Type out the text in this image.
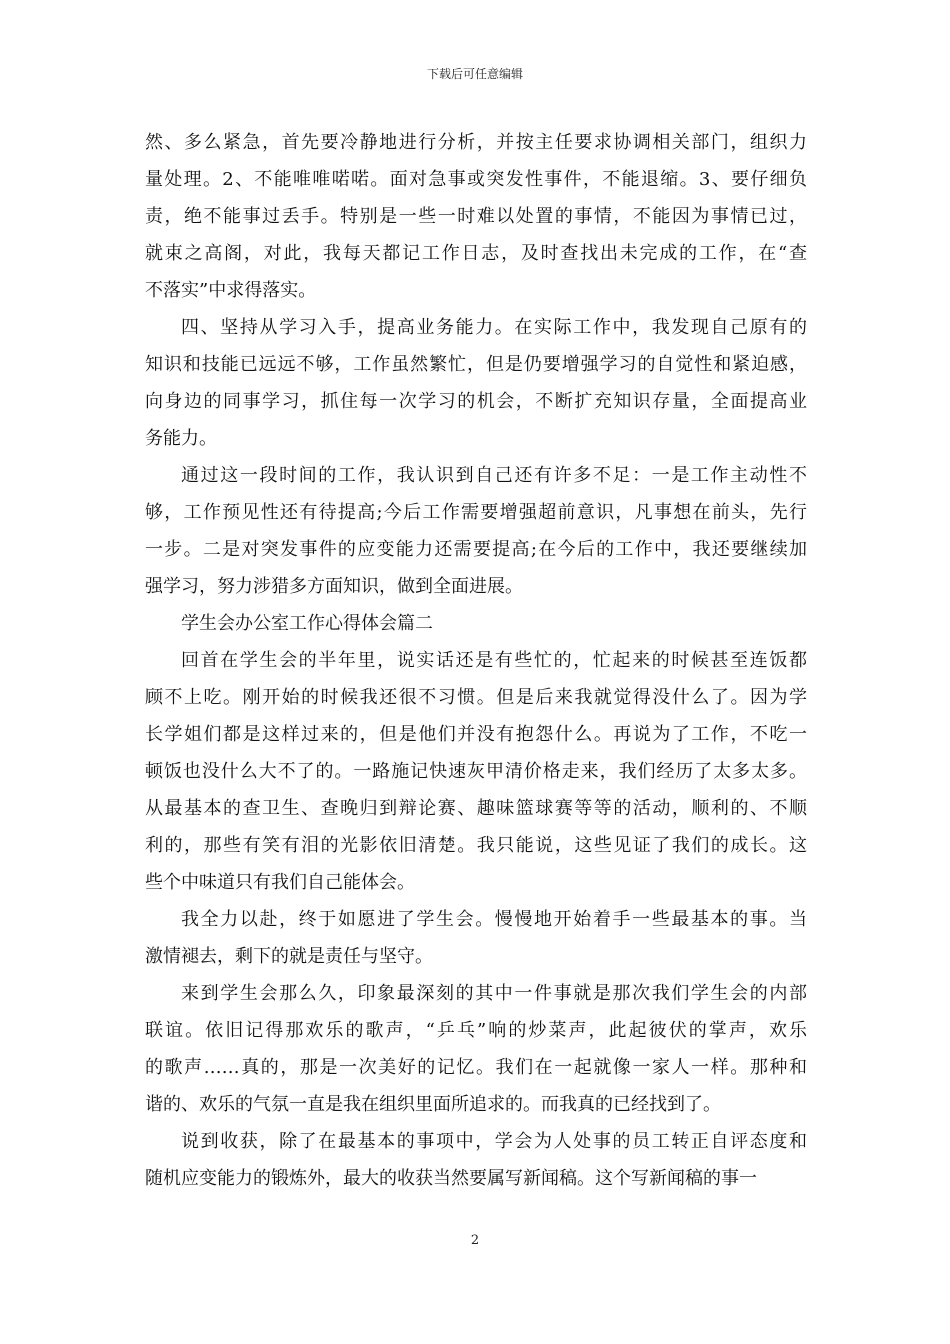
下载后可任意编辑
然、多么紧急，首先要冷静地进行分析，并按主任要求协调相关部门，组织力
量处理。2、不能唯唯喏喏。面对急事或突发性事件，不能退缩。3、要仔细负
责，绝不能事过丢手。特别是一些一时难以处置的事情，不能因为事情已过，
就束之高阁，对此，我每天都记工作日志，及时查找出未完成的工作，在“查
不落实”中求得落实。
四、坚持从学习入手，提高业务能力。在实际工作中，我发现自己原有的
知识和技能已远远不够，工作虽然繁忙，但是仍要增强学习的自觉性和紧迫感，
向身边的同事学习，抓住每一次学习的机会，不断扩充知识存量，全面提高业
务能力。
通过这一段时间的工作，我认识到自己还有许多不足：一是工作主动性不
够，工作预见性还有待提高;今后工作需要增强超前意识，凡事想在前头，先行
一步。二是对突发事件的应变能力还需要提高;在今后的工作中，我还要继续加
强学习，努力涉猎多方面知识，做到全面进展。
学生会办公室工作心得体会篇二
回首在学生会的半年里，说实话还是有些忙的，忙起来的时候甚至连饭都
顾不上吃。刚开始的时候我还很不习惯。但是后来我就觉得没什么了。因为学
长学姐们都是这样过来的，但是他们并没有抱怨什么。再说为了工作，不吃一
顿饭也没什么大不了的。一路施记快速灰甲清价格走来，我们经历了太多太多。
从最基本的查卫生、查晚归到辩论赛、趣味篮球赛等等的活动，顺利的、不顺
利的，那些有笑有泪的光影依旧清楚。我只能说，这些见证了我们的成长。这
些个中味道只有我们自己能体会。
我全力以赴，终于如愿进了学生会。慢慢地开始着手一些最基本的事。当
激情褪去，剩下的就是责任与坚守。
来到学生会那么久，印象最深刻的其中一件事就是那次我们学生会的内部
联谊。依旧记得那欢乐的歌声，“乒乓”响的炒菜声，此起彼伏的掌声，欢乐
的歌声……真的，那是一次美好的记忆。我们在一起就像一家人一样。那种和
谐的、欢乐的气氛一直是我在组织里面所追求的。而我真的已经找到了。
说到收获，除了在最基本的事项中，学会为人处事的员工转正自评态度和
随机应变能力的锻炼外，最大的收获当然要属写新闻稿。这个写新闻稿的事一
2
